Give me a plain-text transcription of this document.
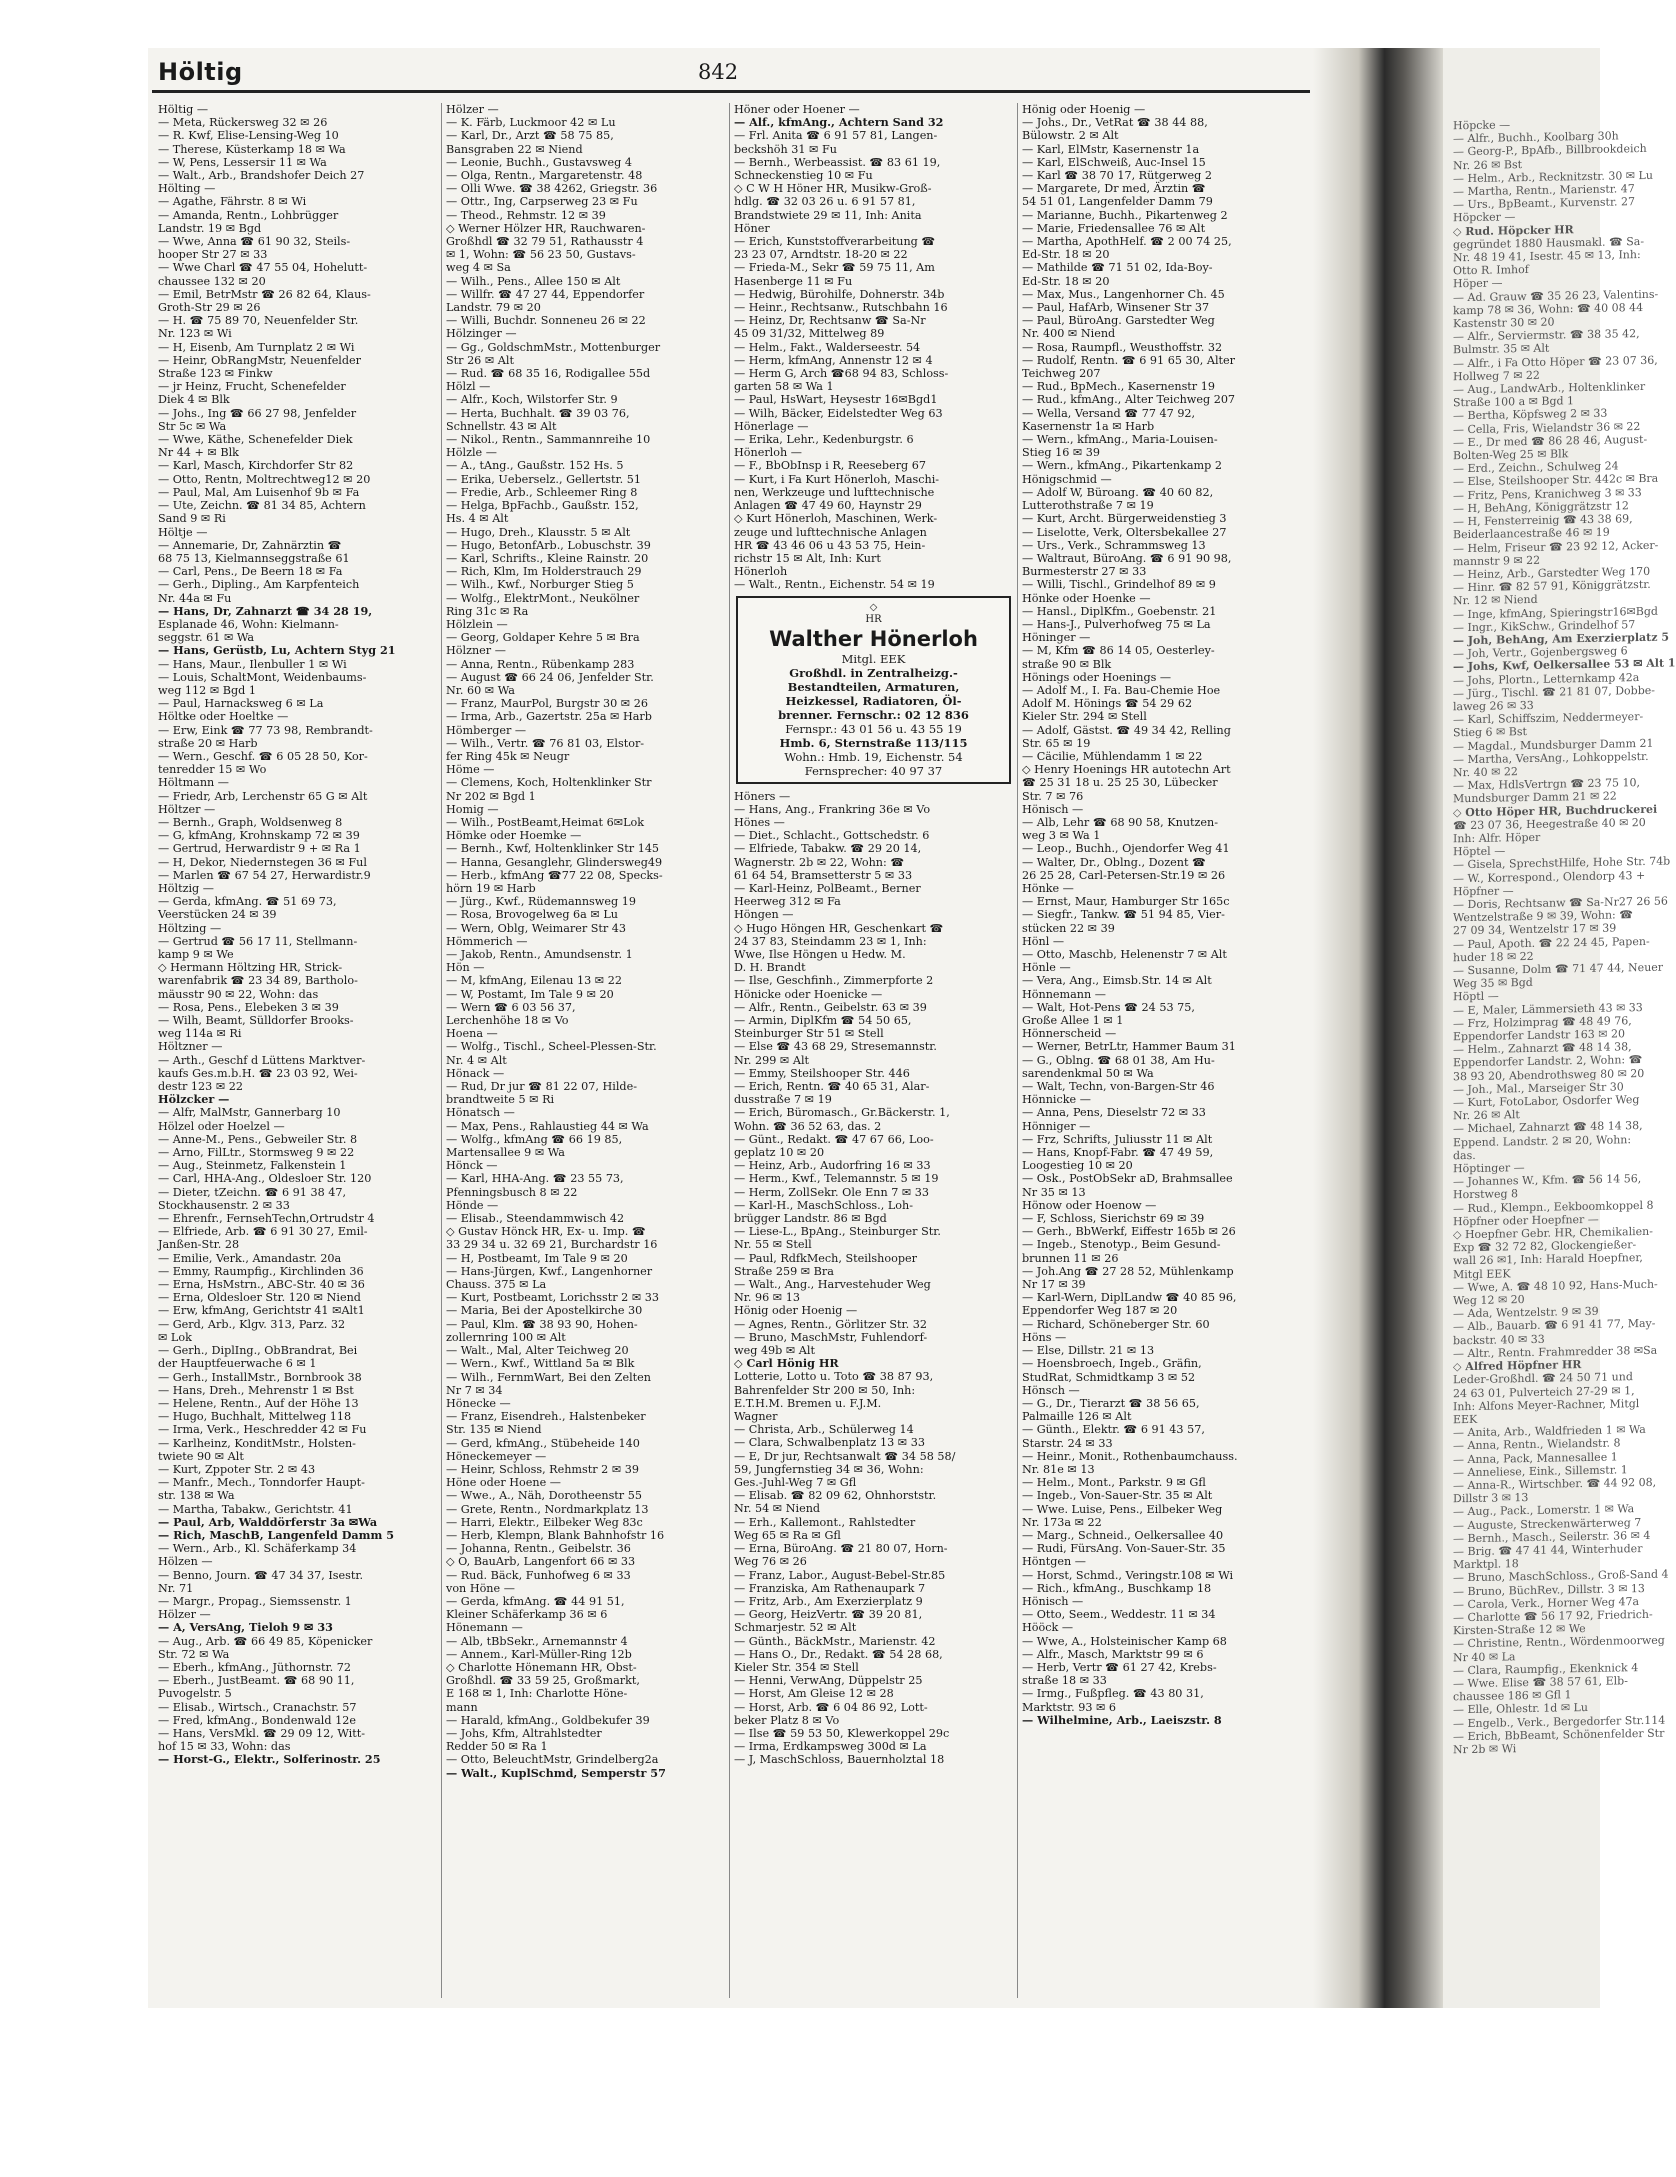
Höltig	842
Höltig —
— Meta, Rückersweg 32 ✉ 26
— R. Kwf, Elise-Lensing-Weg 10
— Therese, Küsterkamp 18 ✉ Wa
— W, Pens, Lessersir 11 ✉ Wa
— Walt., Arb., Brandshofer Deich 27
Hölting —
— Agathe, Fährstr. 8 ✉ Wi
— Amanda, Rentn., Lohbrügger
Landstr. 19 ✉ Bgd
— Wwe, Anna ☎ 61 90 32, Steils-
hooper Str 27 ✉ 33
— Wwe Charl ☎ 47 55 04, Hohelutt-
chaussee 132 ✉ 20
— Emil, BetrMstr ☎ 26 82 64, Klaus-
Groth-Str 29 ✉ 26
— H. ☎ 75 89 70, Neuenfelder Str.
Nr. 123 ✉ Wi
— H, Eisenb, Am Turnplatz 2 ✉ Wi
— Heinr, ObRangMstr, Neuenfelder
Straße 123 ✉ Finkw
— jr Heinz, Frucht, Schenefelder
Diek 4 ✉ Blk
— Johs., Ing ☎ 66 27 98, Jenfelder
Str 5c ✉ Wa
— Wwe, Käthe, Schenefelder Diek
Nr 44 + ✉ Blk
— Karl, Masch, Kirchdorfer Str 82
— Otto, Rentn, Moltrechtweg12 ✉ 20
— Paul, Mal, Am Luisenhof 9b ✉ Fa
— Ute, Zeichn. ☎ 81 34 85, Achtern
Sand 9 ✉ Ri
Höltje —
— Annemarie, Dr, Zahnärztin ☎
68 75 13, Kielmannseggstraße 61
— Carl, Pens., De Beern 18 ✉ Fa
— Gerh., Dipling., Am Karpfenteich
Nr. 44a ✉ Fu
— Hans, Dr, Zahnarzt ☎ 34 28 19,
Esplanade 46, Wohn: Kielmann-
seggstr. 61 ✉ Wa
— Hans, Gerüstb, Lu, Achtern Styg 21
— Hans, Maur., Ilenbuller 1 ✉ Wi
— Louis, SchaltMont, Weidenbaums-
weg 112 ✉ Bgd 1
— Paul, Harnacksweg 6 ✉ La
Höltke oder Hoeltke —
— Erw, Eink ☎ 77 73 98, Rembrandt-
straße 20 ✉ Harb
— Wern., Geschf. ☎ 6 05 28 50, Kor-
tenredder 15 ✉ Wo
Höltmann —
— Friedr, Arb, Lerchenstr 65 G ✉ Alt
Höltzer —
— Bernh., Graph, Woldsenweg 8
— G, kfmAng, Krohnskamp 72 ✉ 39
— Gertrud, Herwardistr 9 + ✉ Ra 1
— H, Dekor, Niedernstegen 36 ✉ Ful
— Marlen ☎ 67 54 27, Herwardistr.9
Höltzig —
— Gerda, kfmAng. ☎ 51 69 73,
Veerstücken 24 ✉ 39
Höltzing —
— Gertrud ☎ 56 17 11, Stellmann-
kamp 9 ✉ We
◇ Hermann Höltzing HR, Strick-
warenfabrik ☎ 23 34 89, Bartholo-
mäusstr 90 ✉ 22, Wohn: das
— Rosa, Pens., Elebeken 3 ✉ 39
— Wilh, Beamt, Sülldorfer Brooks-
weg 114a ✉ Ri
Höltzner —
— Arth., Geschf d Lüttens Marktver-
kaufs Ges.m.b.H. ☎ 23 03 92, Wei-
destr 123 ✉ 22
Hölzcker —
— Alfr, MalMstr, Gannerbarg 10
Hölzel oder Hoelzel —
— Anne-M., Pens., Gebweiler Str. 8
— Arno, FilLtr., Stormsweg 9 ✉ 22
— Aug., Steinmetz, Falkenstein 1
— Carl, HHA-Ang., Oldesloer Str. 120
— Dieter, tZeichn. ☎ 6 91 38 47,
Stockhausenstr. 2 ✉ 33
— Ehrenfr., FernsehTechn,Ortrudstr 4
— Elfriede, Arb. ☎ 6 91 30 27, Emil-
Janßen-Str. 28
— Emilie, Verk., Amandastr. 20a
— Emmy, Raumpfig., Kirchlinden 36
— Erna, HsMstrn., ABC-Str. 40 ✉ 36
— Erna, Oldesloer Str. 120 ✉ Niend
— Erw, kfmAng, Gerichtstr 41 ✉Alt1
— Gerd, Arb., Klgv. 313, Parz. 32
✉ Lok
— Gerh., DiplIng., ObBrandrat, Bei
der Hauptfeuerwache 6 ✉ 1
— Gerh., InstallMstr., Bornbrook 38
— Hans, Dreh., Mehrenstr 1 ✉ Bst
— Helene, Rentn., Auf der Höhe 13
— Hugo, Buchhalt, Mittelweg 118
— Irma, Verk., Heschredder 42 ✉ Fu
— Karlheinz, KonditMstr., Holsten-
twiete 90 ✉ Alt
— Kurt, Zppoter Str. 2 ✉ 43
— Manfr., Mech., Tonndorfer Haupt-
str. 138 ✉ Wa
— Martha, Tabakw., Gerichtstr. 41
— Paul, Arb, Walddörferstr 3a ✉Wa
— Rich, MaschB, Langenfeld Damm 5
— Wern., Arb., Kl. Schäferkamp 34
Hölzen —
— Benno, Journ. ☎ 47 34 37, Isestr.
Nr. 71
— Margr., Propag., Siemssenstr. 1
Hölzer —
— A, VersAng, Tieloh 9 ✉ 33
— Aug., Arb. ☎ 66 49 85, Köpenicker
Str. 72 ✉ Wa
— Eberh., kfmAng., Jüthornstr. 72
— Eberh., JustBeamt. ☎ 68 90 11,
Puvogelstr. 5
— Elisab., Wirtsch., Cranachstr. 57
— Fred, kfmAng., Bondenwald 12e
— Hans, VersMkl. ☎ 29 09 12, Witt-
hof 15 ✉ 33, Wohn: das
— Horst-G., Elektr., Solferinostr. 25
Hölzer —
— K. Färb, Luckmoor 42 ✉ Lu
— Karl, Dr., Arzt ☎ 58 75 85,
Bansgraben 22 ✉ Niend
— Leonie, Buchh., Gustavsweg 4
— Olga, Rentn., Margaretenstr. 48
— Olli Wwe. ☎ 38 4262, Griegstr. 36
— Ottr., Ing, Carpserweg 23 ✉ Fu
— Theod., Rehmstr. 12 ✉ 39
◇ Werner Hölzer HR, Rauchwaren-
Großhdl ☎ 32 79 51, Rathausstr 4
✉ 1, Wohn: ☎ 56 23 50, Gustavs-
weg 4 ✉ Sa
— Wilh., Pens., Allee 150 ✉ Alt
— Willfr. ☎ 47 27 44, Eppendorfer
Landstr. 79 ✉ 20
— Willi, Buchdr. Sonneneu 26 ✉ 22
Hölzinger —
— Gg., GoldschmMstr., Mottenburger
Str 26 ✉ Alt
— Rud. ☎ 68 35 16, Rodigallee 55d
Hölzl —
— Alfr., Koch, Wilstorfer Str. 9
— Herta, Buchhalt. ☎ 39 03 76,
Schnellstr. 43 ✉ Alt
— Nikol., Rentn., Sammannreihe 10
Hölzle —
— A., tAng., Gaußstr. 152 Hs. 5
— Erika, Ueberselz., Gellertstr. 51
— Fredie, Arb., Schleemer Ring 8
— Helga, BpFachb., Gaußstr. 152,
Hs. 4 ✉ Alt
— Hugo, Dreh., Klausstr. 5 ✉ Alt
— Hugo, BetonfArb., Lobuschstr. 39
— Karl, Schrifts., Kleine Rainstr. 20
— Rich, Klm, Im Holderstrauch 29
— Wilh., Kwf., Norburger Stieg 5
— Wolfg., ElektrMont., Neukölner
Ring 31c ✉ Ra
Hölzlein —
— Georg, Goldaper Kehre 5 ✉ Bra
Hölzner —
— Anna, Rentn., Rübenkamp 283
— August ☎ 66 24 06, Jenfelder Str.
Nr. 60 ✉ Wa
— Franz, MaurPol, Burgstr 30 ✉ 26
— Irma, Arb., Gazertstr. 25a ✉ Harb
Hömberger —
— Wilh., Vertr. ☎ 76 81 03, Elstor-
fer Ring 45k ✉ Neugr
Höme —
— Clemens, Koch, Holtenklinker Str
Nr 202 ✉ Bgd 1
Homig —
— Wilh., PostBeamt,Heimat 6✉Lok
Hömke oder Hoemke —
— Bernh., Kwf, Holtenklinker Str 145
— Hanna, Gesanglehr, Glindersweg49
— Herb., kfmAng ☎77 22 08, Specks-
hörn 19 ✉ Harb
— Jürg., Kwf., Rüdemannsweg 19
— Rosa, Brovogelweg 6a ✉ Lu
— Wern, Oblg, Weimarer Str 43
Hömmerich —
— Jakob, Rentn., Amundsenstr. 1
Hön —
— M, kfmAng, Eilenau 13 ✉ 22
— W, Postamt, Im Tale 9 ✉ 20
— Wern ☎ 6 03 56 37,
Lerchenhöhe 18 ✉ Vo
Hoena —
— Wolfg., Tischl., Scheel-Plessen-Str.
Nr. 4 ✉ Alt
Hönack —
— Rud, Dr jur ☎ 81 22 07, Hilde-
brandtweite 5 ✉ Ri
Hönatsch —
— Max, Pens., Rahlaustieg 44 ✉ Wa
— Wolfg., kfmAng ☎ 66 19 85,
Martensallee 9 ✉ Wa
Hönck —
— Karl, HHA-Ang. ☎ 23 55 73,
Pfenningsbusch 8 ✉ 22
Hönde —
— Elisab., Steendammwisch 42
◇ Gustav Hönck HR, Ex- u. Imp. ☎
33 29 34 u. 32 69 21, Burchardstr 16
— H, Postbeamt, Im Tale 9 ✉ 20
— Hans-Jürgen, Kwf., Langenhorner
Chauss. 375 ✉ La
— Kurt, Postbeamt, Lorichsstr 2 ✉ 33
— Maria, Bei der Apostelkirche 30
— Paul, Klm. ☎ 38 93 90, Hohen-
zollernring 100 ✉ Alt
— Walt., Mal, Alter Teichweg 20
— Wern., Kwf., Wittland 5a ✉ Blk
— Wilh., FernmWart, Bei den Zelten
Nr 7 ✉ 34
Hönecke —
— Franz, Eisendreh., Halstenbeker
Str. 135 ✉ Niend
— Gerd, kfmAng., Stübeheide 140
Höneckemeyer —
— Heinr, Schloss, Rehmstr 2 ✉ 39
Höne oder Hoene —
— Wwe., A., Näh, Dorotheenstr 55
— Grete, Rentn., Nordmarkplatz 13
— Harri, Elektr., Eilbeker Weg 83c
— Herb, Klempn, Blank Bahnhofstr 16
— Johanna, Rentn., Geibelstr. 36
◇ O, BauArb, Langenfort 66 ✉ 33
— Rud. Bäck, Funhofweg 6 ✉ 33
von Höne —
— Gerda, kfmAng. ☎ 44 91 51,
Kleiner Schäferkamp 36 ✉ 6
Hönemann —
— Alb, tBbSekr., Arnemannstr 4
— Annem., Karl-Müller-Ring 12b
◇ Charlotte Hönemann HR, Obst-
Großhdl. ☎ 33 59 25, Großmarkt,
E 168 ✉ 1, Inh: Charlotte Höne-
mann
— Harald, kfmAng., Goldbekufer 39
— Johs, Kfm, Altrahlstedter
Redder 50 ✉ Ra 1
— Otto, BeleuchtMstr, Grindelberg2a
— Walt., KuplSchmd, Semperstr 57
Höner oder Hoener —
— Alf., kfmAng., Achtern Sand 32
— Frl. Anita ☎ 6 91 57 81, Langen-
beckshöh 31 ✉ Fu
— Bernh., Werbeassist. ☎ 83 61 19,
Schneckenstieg 10 ✉ Fu
◇ C W H Höner HR, Musikw-Groß-
hdlg. ☎ 32 03 26 u. 6 91 57 81,
Brandstwiete 29 ✉ 11, Inh: Anita
Höner
— Erich, Kunststoffverarbeitung ☎
23 23 07, Arndtstr. 18-20 ✉ 22
— Frieda-M., Sekr ☎ 59 75 11, Am
Hasenberge 11 ✉ Fu
— Hedwig, Bürohilfe, Dohnerstr. 34b
— Heinr., Rechtsanw., Rutschbahn 16
— Heinz, Dr, Rechtsanw ☎ Sa-Nr
45 09 31/32, Mittelweg 89
— Helm., Fakt., Walderseestr. 54
— Herm, kfmAng, Annenstr 12 ✉ 4
— Herm G, Arch ☎68 94 83, Schloss-
garten 58 ✉ Wa 1
— Paul, HsWart, Heysestr 16✉Bgd1
— Wilh, Bäcker, Eidelstedter Weg 63
Hönerlage —
— Erika, Lehr., Kedenburgstr. 6
Hönerloh —
— F., BbObInsp i R, Reeseberg 67
— Kurt, i Fa Kurt Hönerloh, Maschi-
nen, Werkzeuge und lufttechnische
Anlagen ☎ 47 49 60, Haynstr 29
◇ Kurt Hönerloh, Maschinen, Werk-
zeuge und lufttechnische Anlagen
HR ☎ 43 46 06 u 43 53 75, Hein-
richstr 15 ✉ Alt, Inh: Kurt
Hönerloh
— Walt., Rentn., Eichenstr. 54 ✉ 19
◇ HR
Walther Hönerloh
Mitgl. EEK
Großhdl. in Zentralheizg.-
Bestandteilen, Armaturen,
Heizkessel, Radiatoren, Öl-
brenner. Fernschr.: 02 12 836
Fernspr.: 43 01 56 u. 43 55 19
Hmb. 6, Sternstraße 113/115
Wohn.: Hmb. 19, Eichenstr. 54
Fernsprecher: 40 97 37
Höners —
— Hans, Ang., Frankring 36e ✉ Vo
Hönes —
— Diet., Schlacht., Gottschedstr. 6
— Elfriede, Tabakw. ☎ 29 20 14,
Wagnerstr. 2b ✉ 22, Wohn: ☎
61 64 54, Bramsetterstr 5 ✉ 33
— Karl-Heinz, PolBeamt., Berner
Heerweg 312 ✉ Fa
Höngen —
◇ Hugo Höngen HR, Geschenkart ☎
24 37 83, Steindamm 23 ✉ 1, Inh:
Wwe, Ilse Höngen u Hedw. M.
D. H. Brandt
— Ilse, Geschfinh., Zimmerpforte 2
Hönicke oder Hoenicke —
— Alfr., Rentn., Geibelstr. 63 ✉ 39
— Armin, DiplKfm ☎ 54 50 65,
Steinburger Str 51 ✉ Stell
— Else ☎ 43 68 29, Stresemannstr.
Nr. 299 ✉ Alt
— Emmy, Steilshooper Str. 446
— Erich, Rentn. ☎ 40 65 31, Alar-
dusstraße 7 ✉ 19
— Erich, Büromasch., Gr.Bäckerstr. 1,
Wohn. ☎ 36 52 63, das. 2
— Günt., Redakt. ☎ 47 67 66, Loo-
geplatz 10 ✉ 20
— Heinz, Arb., Audorfring 16 ✉ 33
— Herm., Kwf., Telemannstr. 5 ✉ 19
— Herm, ZollSekr. Ole Enn 7 ✉ 33
— Karl-H., MaschSchloss., Loh-
brügger Landstr. 86 ✉ Bgd
— Liese-L., BpAng., Steinburger Str.
Nr. 55 ✉ Stell
— Paul, RdfkMech, Steilshooper
Straße 259 ✉ Bra
— Walt., Ang., Harvestehuder Weg
Nr. 96 ✉ 13
Hönig oder Hoenig —
— Agnes, Rentn., Görlitzer Str. 32
— Bruno, MaschMstr, Fuhlendorf-
weg 49b ✉ Alt
◇ Carl Hönig HR
Lotterie, Lotto u. Toto ☎ 38 87 93,
Bahrenfelder Str 200 ✉ 50, Inh:
E.T.H.M. Bremen u. F.J.M.
Wagner
— Christa, Arb., Schülerweg 14
— Clara, Schwalbenplatz 13 ✉ 33
— E, Dr jur, Rechtsanwalt ☎ 34 58 58/
59, Jungfernstieg 34 ✉ 36, Wohn:
Ges.-Juhl-Weg 7 ✉ Gfl
— Elisab. ☎ 82 09 62, Ohnhorststr.
Nr. 54 ✉ Niend
— Erh., Kallemont., Rahlstedter
Weg 65 ✉ Ra ✉ Gfl
— Erna, BüroAng. ☎ 21 80 07, Horn-
Weg 76 ✉ 26
— Franz, Labor., August-Bebel-Str.85
— Franziska, Am Rathenaupark 7
— Fritz, Arb., Am Exerzierplatz 9
— Georg, HeizVertr. ☎ 39 20 81,
Schmarjestr. 52 ✉ Alt
— Günth., BäckMstr., Marienstr. 42
— Hans O., Dr., Redakt. ☎ 54 28 68,
Kieler Str. 354 ✉ Stell
— Henni, VerwAng, Düppelstr 25
— Horst, Am Gleise 12 ✉ 28
— Horst, Arb. ☎ 6 04 86 92, Lott-
beker Platz 8 ✉ Vo
— Ilse ☎ 59 53 50, Klewerkoppel 29c
— Irma, Erdkampsweg 300d ✉ La
— J, MaschSchloss, Bauernholztal 18
Hönig oder Hoenig —
— Johs., Dr., VetRat ☎ 38 44 88,
Bülowstr. 2 ✉ Alt
— Karl, ElMstr, Kasernenstr 1a
— Karl, ElSchweiß, Auc-Insel 15
— Karl ☎ 38 70 17, Rütgerweg 2
— Margarete, Dr med, Ärztin ☎
54 51 01, Langenfelder Damm 79
— Marianne, Buchh., Pikartenweg 2
— Marie, Friedensallee 76 ✉ Alt
— Martha, ApothHelf. ☎ 2 00 74 25,
Ed-Str. 18 ✉ 20
— Mathilde ☎ 71 51 02, Ida-Boy-
Ed-Str. 18 ✉ 20
— Max, Mus., Langenhorner Ch. 45
— Paul, HafArb, Winsener Str 37
— Paul, BüroAng. Garstedter Weg
Nr. 400 ✉ Niend
— Rosa, Raumpfl., Weusthoffstr. 32
— Rudolf, Rentn. ☎ 6 91 65 30, Alter
Teichweg 207
— Rud., BpMech., Kasernenstr 19
— Rud., kfmAng., Alter Teichweg 207
— Wella, Versand ☎ 77 47 92,
Kasernenstr 1a ✉ Harb
— Wern., kfmAng., Maria-Louisen-
Stieg 16 ✉ 39
— Wern., kfmAng., Pikartenkamp 2
Hönigschmid —
— Adolf W, Büroang. ☎ 40 60 82,
Lutterothstraße 7 ✉ 19
— Kurt, Archt. Bürgerweidenstieg 3
— Liselotte, Verk, Oltersbekallee 27
— Urs., Verk., Schrammsweg 13
— Waltraut, BüroAng. ☎ 6 91 90 98,
Burmesterstr 27 ✉ 33
— Willi, Tischl., Grindelhof 89 ✉ 9
Hönke oder Hoenke —
— Hansl., DiplKfm., Goebenstr. 21
— Hans-J., Pulverhofweg 75 ✉ La
Höninger —
— M, Kfm ☎ 86 14 05, Oesterley-
straße 90 ✉ Blk
Hönings oder Hoenings —
— Adolf M., I. Fa. Bau-Chemie Hoe
Adolf M. Hönings ☎ 54 29 62
Kieler Str. 294 ✉ Stell
— Adolf, Gästst. ☎ 49 34 42, Relling
Str. 65 ✉ 19
— Cäcilie, Mühlendamm 1 ✉ 22
◇ Henry Hoenings HR autotechn Art
☎ 25 31 18 u. 25 25 30, Lübecker
Str. 7 ✉ 76
Hönisch —
— Alb, Lehr ☎ 68 90 58, Knutzen-
weg 3 ✉ Wa 1
— Leop., Buchh., Ojendorfer Weg 41
— Walter, Dr., Oblng., Dozent ☎
26 25 28, Carl-Petersen-Str.19 ✉ 26
Hönke —
— Ernst, Maur, Hamburger Str 165c
— Siegfr., Tankw. ☎ 51 94 85, Vier-
stücken 22 ✉ 39
Hönl —
— Otto, Maschb, Helenenstr 7 ✉ Alt
Hönle —
— Vera, Ang., Eimsb.Str. 14 ✉ Alt
Hönnemann —
— Walt, Hot-Pens ☎ 24 53 75,
Große Allee 1 ✉ 1
Hönnerscheid —
— Werner, BetrLtr, Hammer Baum 31
— G., Oblng. ☎ 68 01 38, Am Hu-
sarendenkmal 50 ✉ Wa
— Walt, Techn, von-Bargen-Str 46
Hönnicke —
— Anna, Pens, Dieselstr 72 ✉ 33
Hönniger —
— Frz, Schrifts, Juliusstr 11 ✉ Alt
— Hans, Knopf-Fabr. ☎ 47 49 59,
Loogestieg 10 ✉ 20
— Osk., PostObSekr aD, Brahmsallee
Nr 35 ✉ 13
Hönow oder Hoenow —
— F, Schloss, Sierichstr 69 ✉ 39
— Gerh., BbWerkf, Eiffestr 165b ✉ 26
— Ingeb., Stenotyp., Beim Gesund-
brunnen 11 ✉ 26
— Joh.Ang ☎ 27 28 52, Mühlenkamp
Nr 17 ✉ 39
— Karl-Wern, DiplLandw ☎ 40 85 96,
Eppendorfer Weg 187 ✉ 20
— Richard, Schöneberger Str. 60
Höns —
— Else, Dillstr. 21 ✉ 13
— Hoensbroech, Ingeb., Gräfin,
StudRat, Schmidtkamp 3 ✉ 52
Hönsch —
— G., Dr., Tierarzt ☎ 38 56 65,
Palmaille 126 ✉ Alt
— Günth., Elektr. ☎ 6 91 43 57,
Starstr. 24 ✉ 33
— Heinr., Monit., Rothenbaumchauss.
Nr. 81e ✉ 13
— Helm., Mont., Parkstr. 9 ✉ Gfl
— Ingeb., Von-Sauer-Str. 35 ✉ Alt
— Wwe. Luise, Pens., Eilbeker Weg
Nr. 173a ✉ 22
— Marg., Schneid., Oelkersallee 40
— Rudi, FürsAng. Von-Sauer-Str. 35
Höntgen —
— Horst, Schmd., Veringstr.108 ✉ Wi
— Rich., kfmAng., Buschkamp 18
Hönisch —
— Otto, Seem., Weddestr. 11 ✉ 34
Hööck —
— Wwe, A., Holsteinischer Kamp 68
— Alfr., Masch, Marktstr 99 ✉ 6
— Herb, Vertr ☎ 61 27 42, Krebs-
straße 18 ✉ 33
— Irmg., Fußpfleg. ☎ 43 80 31,
Marktstr. 93 ✉ 6
— Wilhelmine, Arb., Laeiszstr. 8
Höpcke —
— Alfr., Buchh., Koolbarg 30h
— Georg-P., BpAfb., Billbrookdeich
Nr. 26 ✉ Bst
— Helm., Arb., Recknitzstr. 30 ✉ Lu
— Martha, Rentn., Marienstr. 47
— Urs., BpBeamt., Kurvenstr. 27
Höpcker —
◇ Rud. Höpcker HR
gegründet 1880 Hausmakl. ☎ Sa-
Nr. 48 19 41, Isestr. 45 ✉ 13, Inh:
Otto R. Imhof
Höper —
— Ad. Grauw ☎ 35 26 23, Valentins-
kamp 78 ✉ 36, Wohn: ☎ 40 08 44
Kastenstr 30 ✉ 20
— Alfr., Serviermstr. ☎ 38 35 42,
Bulmstr. 35 ✉ Alt
— Alfr., i Fa Otto Höper ☎ 23 07 36,
Hollweg 7 ✉ 22
— Aug., LandwArb., Holtenklinker
Straße 100 a ✉ Bgd 1
— Bertha, Köpfsweg 2 ✉ 33
— Cella, Fris, Wielandstr 36 ✉ 22
— E., Dr med ☎ 86 28 46, August-
Bolten-Weg 25 ✉ Blk
— Erd., Zeichn., Schulweg 24
— Else, Steilshooper Str. 442c ✉ Bra
— Fritz, Pens, Kranichweg 3 ✉ 33
— H, BehAng, Königgrätzstr 12
— H, Fensterreinig ☎ 43 38 69,
Beiderlaancestraße 46 ✉ 19
— Helm, Friseur ☎ 23 92 12, Acker-
mannstr 9 ✉ 22
— Heinz, Arb., Garstedter Weg 170
— Hinr. ☎ 82 57 91, Königgrätzstr.
Nr. 12 ✉ Niend
— Inge, kfmAng, Spieringstr16✉Bgd
— Ingr., KikSchw., Grindelhof 57
— Joh, BehAng, Am Exerzierplatz 5
— Joh, Vertr., Gojenbergsweg 6
— Johs, Kwf, Oelkersallee 53 ✉ Alt 1
— Johs, Plortn., Letternkamp 42a
— Jürg., Tischl. ☎ 21 81 07, Dobbe-
laweg 26 ✉ 33
— Karl, Schiffszim, Neddermeyer-
Stieg 6 ✉ Bst
— Magdal., Mundsburger Damm 21
— Martha, VersAng., Lohkoppelstr.
Nr. 40 ✉ 22
— Max, HdlsVertrgn ☎ 23 75 10,
Mundsburger Damm 21 ✉ 22
◇ Otto Höper HR, Buchdruckerei
☎ 23 07 36, Heegestraße 40 ✉ 20
Inh: Alfr. Höper
Höptel —
— Gisela, SprechstHilfe, Hohe Str. 74b
— W., Korrespond., Olendorp 43 +
Höpfner —
— Doris, Rechtsanw ☎ Sa-Nr27 26 56
Wentzelstraße 9 ✉ 39, Wohn: ☎
27 09 34, Wentzelstr 17 ✉ 39
— Paul, Apoth. ☎ 22 24 45, Papen-
huder 18 ✉ 22
— Susanne, Dolm ☎ 71 47 44, Neuer
Weg 35 ✉ Bgd
Höptl —
— E, Maler, Lämmersieth 43 ✉ 33
— Frz, Holzimprag ☎ 48 49 76,
Eppendorfer Landstr 163 ✉ 20
— Helm., Zahnarzt ☎ 48 14 38,
Eppendorfer Landstr. 2, Wohn: ☎
38 93 20, Abendrothsweg 80 ✉ 20
— Joh., Mal., Marseiger Str 30
— Kurt, FotoLabor, Osdorfer Weg
Nr. 26 ✉ Alt
— Michael, Zahnarzt ☎ 48 14 38,
Eppend. Landstr. 2 ✉ 20, Wohn:
das.
Höptinger —
— Johannes W., Kfm. ☎ 56 14 56,
Horstweg 8
— Rud., Klempn., Eekboomkoppel 8
Höpfner oder Hoepfner —
◇ Hoepfner Gebr. HR, Chemikalien-
Exp ☎ 32 72 82, Glockengießer-
wall 26 ✉1, Inh: Harald Hoepfner,
Mitgl EEK
— Wwe, A. ☎ 48 10 92, Hans-Much-
Weg 12 ✉ 20
— Ada, Wentzelstr. 9 ✉ 39
— Alb., Bauarb. ☎ 6 91 41 77, May-
backstr. 40 ✉ 33
— Altr., Rentn. Frahmredder 38 ✉Sa
◇ Alfred Höpfner HR
Leder-Großhdl. ☎ 24 50 71 und
24 63 01, Pulverteich 27-29 ✉ 1,
Inh: Alfons Meyer-Rachner, Mitgl
EEK
— Anita, Arb., Waldfrieden 1 ✉ Wa
— Anna, Rentn., Wielandstr. 8
— Anna, Pack, Mannesallee 1
— Anneliese, Eink., Sillemstr. 1
— Anna-R., Wirtschber. ☎ 44 92 08,
Dillstr 3 ✉ 13
— Aug., Pack., Lomerstr. 1 ✉ Wa
— Auguste, Streckenwärterweg 7
— Bernh., Masch., Seilerstr. 36 ✉ 4
— Brig. ☎ 47 41 44, Winterhuder
Marktpl. 18
— Bruno, MaschSchloss., Groß-Sand 4
— Bruno, BüchRev., Dillstr. 3 ✉ 13
— Carola, Verk., Horner Weg 47a
— Charlotte ☎ 56 17 92, Friedrich-
Kirsten-Straße 12 ✉ We
— Christine, Rentn., Wördenmoorweg
Nr 40 ✉ La
— Clara, Raumpfig., Ekenknick 4
— Wwe. Elise ☎ 38 57 61, Elb-
chaussee 186 ✉ Gfl 1
— Elle, Ohlestr. 1d ✉ Lu
— Engelb., Verk., Bergedorfer Str.114
— Erich, BbBeamt, Schönenfelder Str
Nr 2b ✉ Wi
